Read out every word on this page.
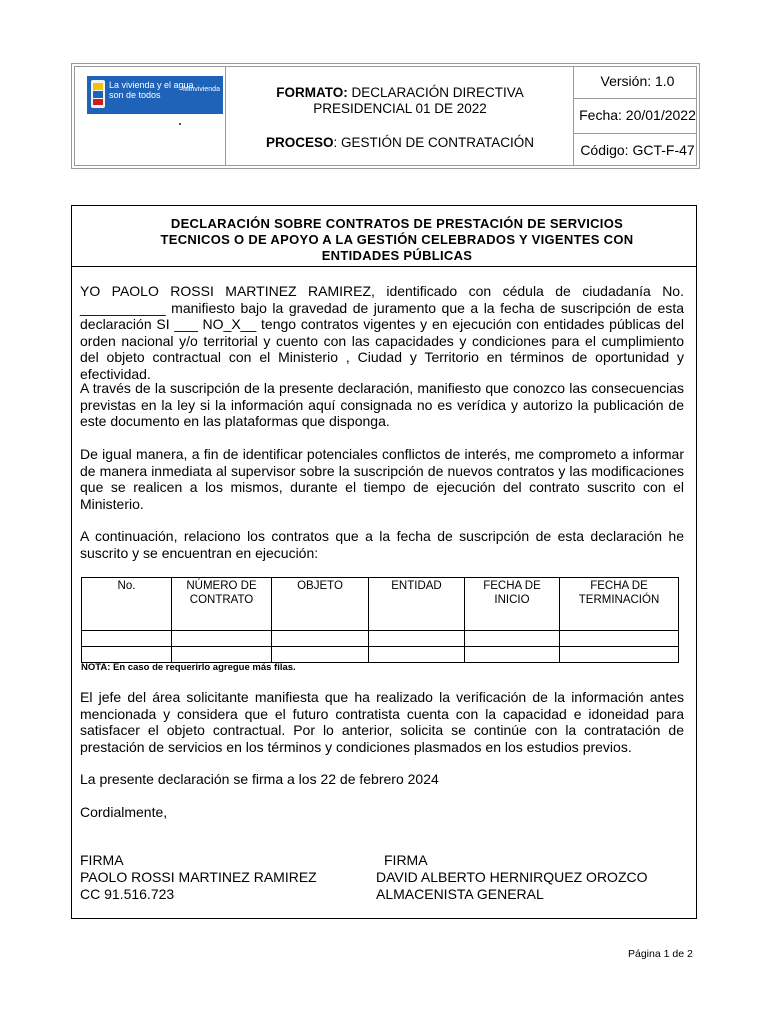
La vivienda y el agua
son de todos
Minvivienda	FORMATO: DECLARACIÓN DIRECTIVA
PRESIDENCIAL 01 DE 2022
PROCESO: GESTIÓN DE CONTRATACIÓN
Versión: 1.0
Fecha: 20/01/2022
Código: GCT-F-47
DECLARACIÓN SOBRE CONTRATOS DE PRESTACIÓN DE SERVICIOS
TECNICOS O DE APOYO A LA GESTIÓN CELEBRADOS Y VIGENTES CON
ENTIDADES PÚBLICAS
YO PAOLO ROSSI MARTINEZ RAMIREZ, identificado con cédula de ciudadanía No. ___________ manifiesto bajo la gravedad de juramento que a la fecha de suscripción de esta declaración SI ___ NO_X__ tengo contratos vigentes y en ejecución con entidades públicas del orden nacional y/o territorial y cuento con las capacidades y condiciones para el cumplimiento del objeto contractual con el Ministerio , Ciudad y Territorio en términos de oportunidad y efectividad.
A través de la suscripción de la presente declaración, manifiesto que conozco las consecuencias previstas en la ley si la información aquí consignada no es verídica y autorizo la publicación de este documento en las plataformas que disponga.
De igual manera, a fin de identificar potenciales conflictos de interés, me comprometo a informar de manera inmediata al supervisor sobre la suscripción de nuevos contratos y las modificaciones que se realicen a los mismos, durante el tiempo de ejecución del contrato suscrito con el Ministerio.
A continuación, relaciono los contratos que a la fecha de suscripción de esta declaración he suscrito y se encuentran en ejecución:
No.	NÚMERO DE CONTRATO	OBJETO	ENTIDAD	FECHA DE INICIO	FECHA DE TERMINACIÓN

NOTA: En caso de requerirlo agregue más filas.
El jefe del área solicitante manifiesta que ha realizado la verificación de la información antes mencionada y considera que el futuro contratista cuenta con la capacidad e idoneidad para satisfacer el objeto contractual. Por lo anterior, solicita se continúe con la contratación de prestación de servicios en los términos y condiciones plasmados en los estudios previos.
La presente declaración se firma a los 22 de febrero 2024
Cordialmente,
FIRMA
PAOLO ROSSI MARTINEZ RAMIREZ
CC 91.516.723
FIRMA
DAVID ALBERTO HERNIRQUEZ OROZCO
ALMACENISTA GENERAL
Página 1 de 2
